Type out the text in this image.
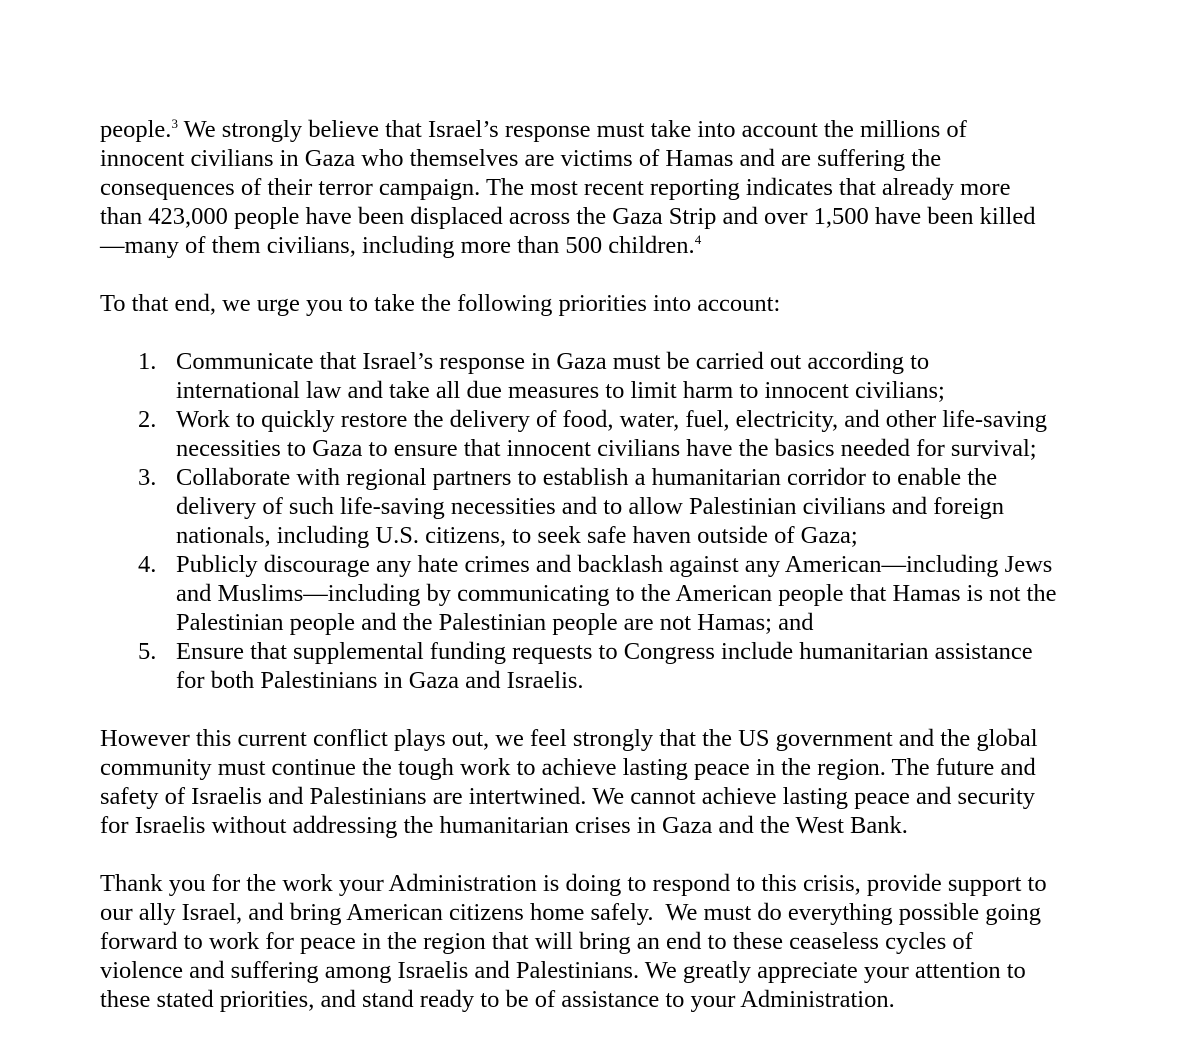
people.$^3$ We strongly believe that Israel’s response must take into account the millions of
innocent civilians in Gaza who themselves are victims of Hamas and are suffering the
consequences of their terror campaign. The most recent reporting indicates that already more
than 423,000 people have been displaced across the Gaza Strip and over 1,500 have been killed
—many of them civilians, including more than 500 children.$^4$

To that end, we urge you to take the following priorities into account:

1. Communicate that Israel’s response in Gaza must be carried out according to
international law and take all due measures to limit harm to innocent civilians;
2. Work to quickly restore the delivery of food, water, fuel, electricity, and other life-saving
necessities to Gaza to ensure that innocent civilians have the basics needed for survival;
3. Collaborate with regional partners to establish a humanitarian corridor to enable the
delivery of such life-saving necessities and to allow Palestinian civilians and foreign
nationals, including U.S. citizens, to seek safe haven outside of Gaza;
4. Publicly discourage any hate crimes and backlash against any American—including Jews
and Muslims—including by communicating to the American people that Hamas is not the
Palestinian people and the Palestinian people are not Hamas; and
5. Ensure that supplemental funding requests to Congress include humanitarian assistance
for both Palestinians in Gaza and Israelis.

However this current conflict plays out, we feel strongly that the US government and the global
community must continue the tough work to achieve lasting peace in the region. The future and
safety of Israelis and Palestinians are intertwined. We cannot achieve lasting peace and security
for Israelis without addressing the humanitarian crises in Gaza and the West Bank.

Thank you for the work your Administration is doing to respond to this crisis, provide support to
our ally Israel, and bring American citizens home safely.  We must do everything possible going
forward to work for peace in the region that will bring an end to these ceaseless cycles of
violence and suffering among Israelis and Palestinians. We greatly appreciate your attention to
these stated priorities, and stand ready to be of assistance to your Administration.
